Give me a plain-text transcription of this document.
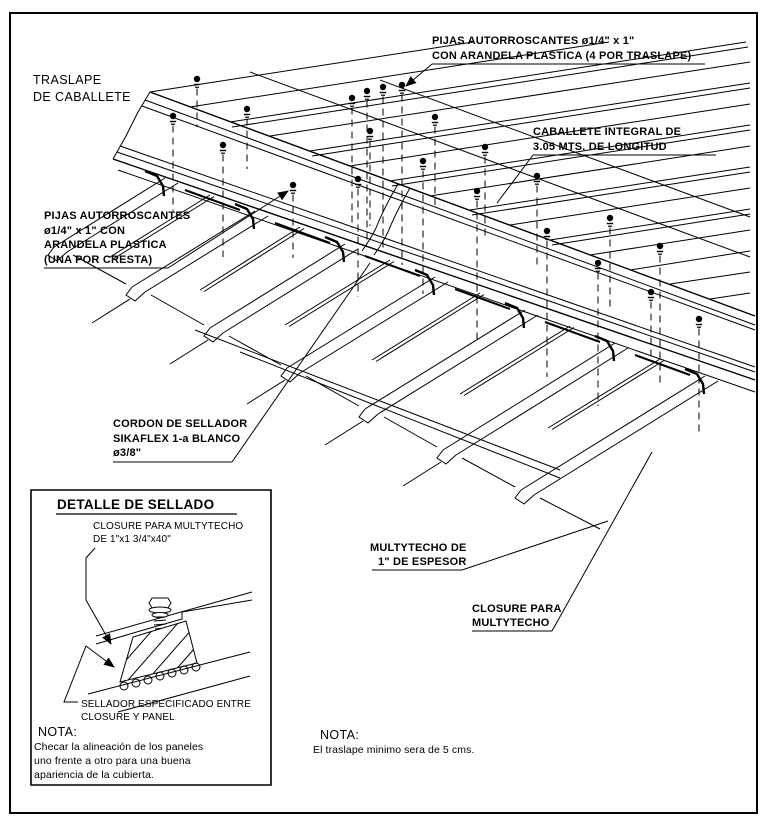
TRASLAPE
DE CABALLETE
PIJAS AUTORROSCANTES ø1/4" x 1"
CON ARANDELA PLASTICA (4 POR TRASLAPE)
CABALLETE INTEGRAL DE
3.05 MTS. DE LONGITUD
PIJAS AUTORROSCANTES
ø1/4" x 1" CON
ARANDELA PLASTICA
(UNA POR CRESTA)
CORDON DE SELLADOR
SIKAFLEX 1-a BLANCO
ø3/8"
MULTYTECHO DE
1" DE ESPESOR
CLOSURE PARA
MULTYTECHO
DETALLE DE SELLADO
CLOSURE PARA MULTYTECHO
DE 1"x1 3/4"x40"
SELLADOR ESPECIFICADO ENTRE
CLOSURE Y PANEL
NOTA:
Checar la alineación de los paneles
uno frente a otro para una buena
apariencia de la cubierta.
NOTA:
El traslape minimo sera de 5 cms.
